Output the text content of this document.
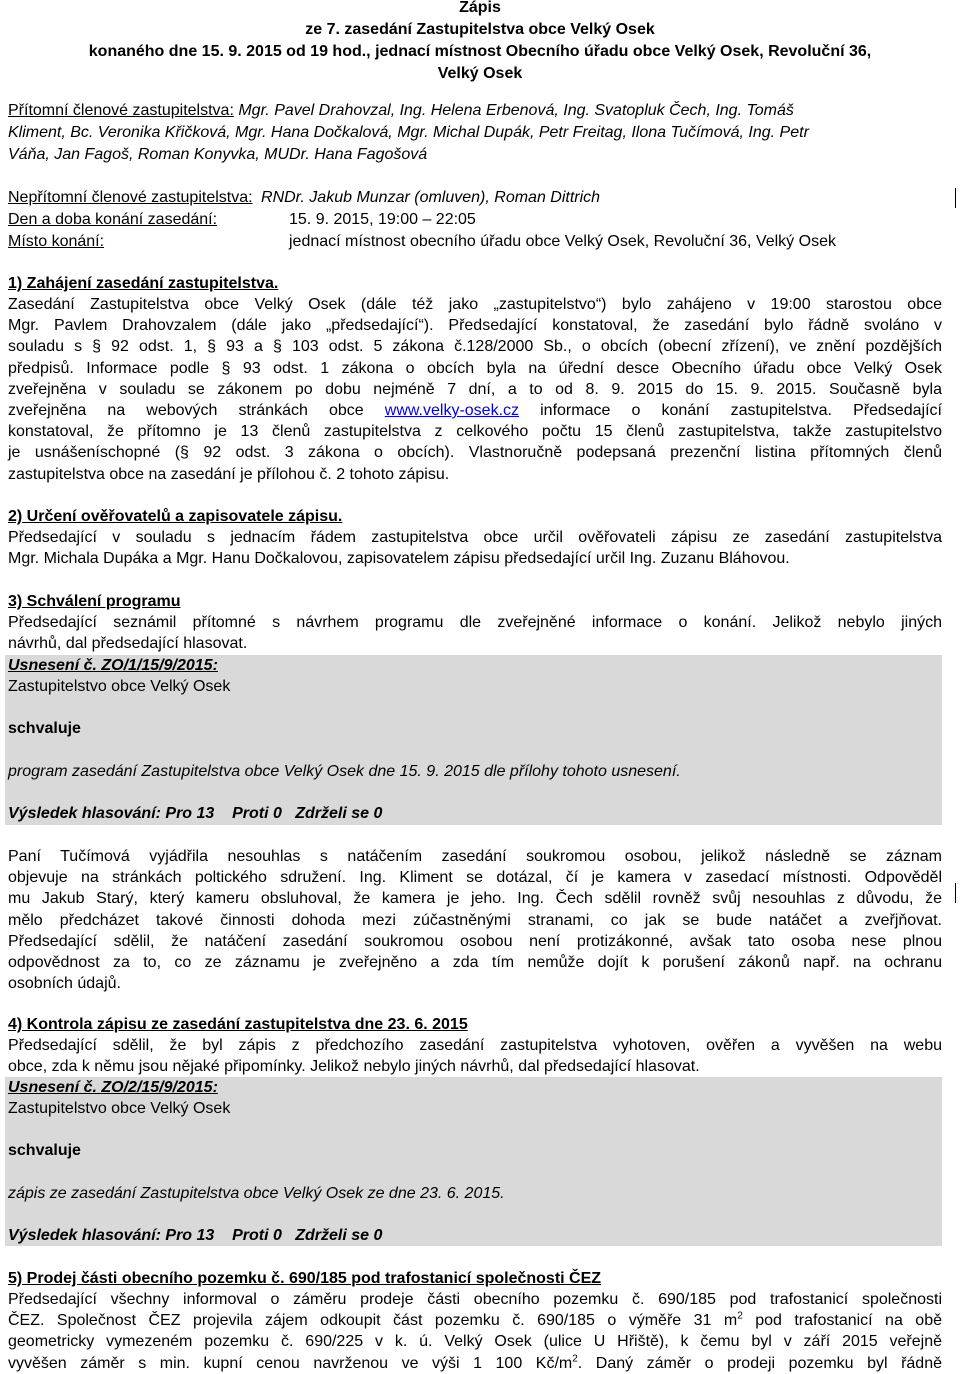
Zápis
ze 7. zasedání Zastupitelstva obce Velký Osek
konaného dne 15. 9. 2015 od 19 hod., jednací místnost Obecního úřadu obce Velký Osek, Revoluční 36,
Velký Osek
Přítomní členové zastupitelstva: Mgr. Pavel Drahovzal, Ing. Helena Erbenová, Ing. Svatopluk Čech, Ing. Tomáš
Kliment, Bc. Veronika Křičková, Mgr. Hana Dočkalová, Mgr. Michal Dupák, Petr Freitag, Ilona Tučímová, Ing. Petr
Váňa, Jan Fagoš, Roman Konyvka, MUDr. Hana Fagošová
Nepřítomní členové zastupitelstva: RNDr. Jakub Munzar (omluven), Roman Dittrich
Den a doba konání zasedání:	15. 9. 2015, 19:00 – 22:05
Místo konání:	jednací místnost obecního úřadu obce Velký Osek, Revoluční 36, Velký Osek
1) Zahájení zasedání zastupitelstva.
Zasedání Zastupitelstva obce Velký Osek (dále též jako „zastupitelstvo“) bylo zahájeno v 19:00 starostou obce
Mgr. Pavlem Drahovzalem (dále jako „předsedající“). Předsedající konstatoval, že zasedání bylo řádně svoláno v
souladu s § 92 odst. 1, § 93 a § 103 odst. 5 zákona č.128/2000 Sb., o obcích (obecní zřízení), ve znění pozdějších
předpisů. Informace podle § 93 odst. 1 zákona o obcích byla na úřední desce Obecního úřadu obce Velký Osek
zveřejněna v souladu se zákonem po dobu nejméně 7 dní, a to od 8. 9. 2015 do 15. 9. 2015. Současně byla
zveřejněna na webových stránkách obce www.velky-osek.cz informace o konání zastupitelstva. Předsedající
konstatoval, že přítomno je 13 členů zastupitelstva z celkového počtu 15 členů zastupitelstva, takže zastupitelstvo
je usnášeníschopné (§ 92 odst. 3 zákona o obcích). Vlastnoručně podepsaná prezenční listina přítomných členů
zastupitelstva obce na zasedání je přílohou č. 2 tohoto zápisu.
2) Určení ověřovatelů a zapisovatele zápisu.
Předsedající v souladu s jednacím řádem zastupitelstva obce určil ověřovateli zápisu ze zasedání zastupitelstva
Mgr. Michala Dupáka a Mgr. Hanu Dočkalovou, zapisovatelem zápisu předsedající určil Ing. Zuzanu Bláhovou.
3) Schválení programu
Předsedající seznámil přítomné s návrhem programu dle zveřejněné informace o konání. Jelikož nebylo jiných
návrhů, dal předsedající hlasovat.
Usnesení č. ZO/1/15/9/2015:
Zastupitelstvo obce Velký Osek
schvaluje
program zasedání Zastupitelstva obce Velký Osek dne 15. 9. 2015 dle přílohy tohoto usnesení.
Výsledek hlasování: Pro 13    Proti 0   Zdrželi se 0
Paní Tučímová vyjádřila nesouhlas s natáčením zasedání soukromou osobou, jelikož následně se záznam
objevuje na stránkách poltického sdružení. Ing. Kliment se dotázal, čí je kamera v zasedací místnosti. Odpověděl
mu Jakub Starý, který kameru obsluhoval, že kamera je jeho. Ing. Čech sdělil rovněž svůj nesouhlas z důvodu, že
mělo předcházet takové činnosti dohoda mezi zúčastněnými stranami, co jak se bude natáčet a zveřjňovat.
Předsedající sdělil, že natáčení zasedání soukromou osobou není protizákonné, avšak tato osoba nese plnou
odpovědnost za to, co ze záznamu je zveřejněno a zda tím nemůže dojít k porušení zákonů např. na ochranu
osobních údajů.
4) Kontrola zápisu ze zasedání zastupitelstva dne 23. 6. 2015
Předsedající sdělil, že byl zápis z předchozího zasedání zastupitelstva vyhotoven, ověřen a vyvěšen na webu
obce, zda k němu jsou nějaké připomínky. Jelikož nebylo jiných návrhů, dal předsedající hlasovat.
Usnesení č. ZO/2/15/9/2015:
Zastupitelstvo obce Velký Osek
schvaluje
zápis ze zasedání Zastupitelstva obce Velký Osek ze dne 23. 6. 2015.
Výsledek hlasování: Pro 13    Proti 0   Zdrželi se 0
5) Prodej části obecního pozemku č. 690/185 pod trafostanicí společnosti ČEZ
Předsedající všechny informoval o záměru prodeje části obecního pozemku č. 690/185 pod trafostanicí společnosti
ČEZ. Společnost ČEZ projevila zájem odkoupit část pozemku č. 690/185 o výměře 31 $m^2$ pod trafostanicí na obě
geometricky vymezeném pozemku č. 690/225 v k. ú. Velký Osek (ulice U Hřiště), k čemu byl v září 2015 veřejně
vyvěšen záměr s min. kupní cenou navrženou ve výši 1 100 $Kč/m^2$. Daný záměr o prodeji pozemku byl řádně
